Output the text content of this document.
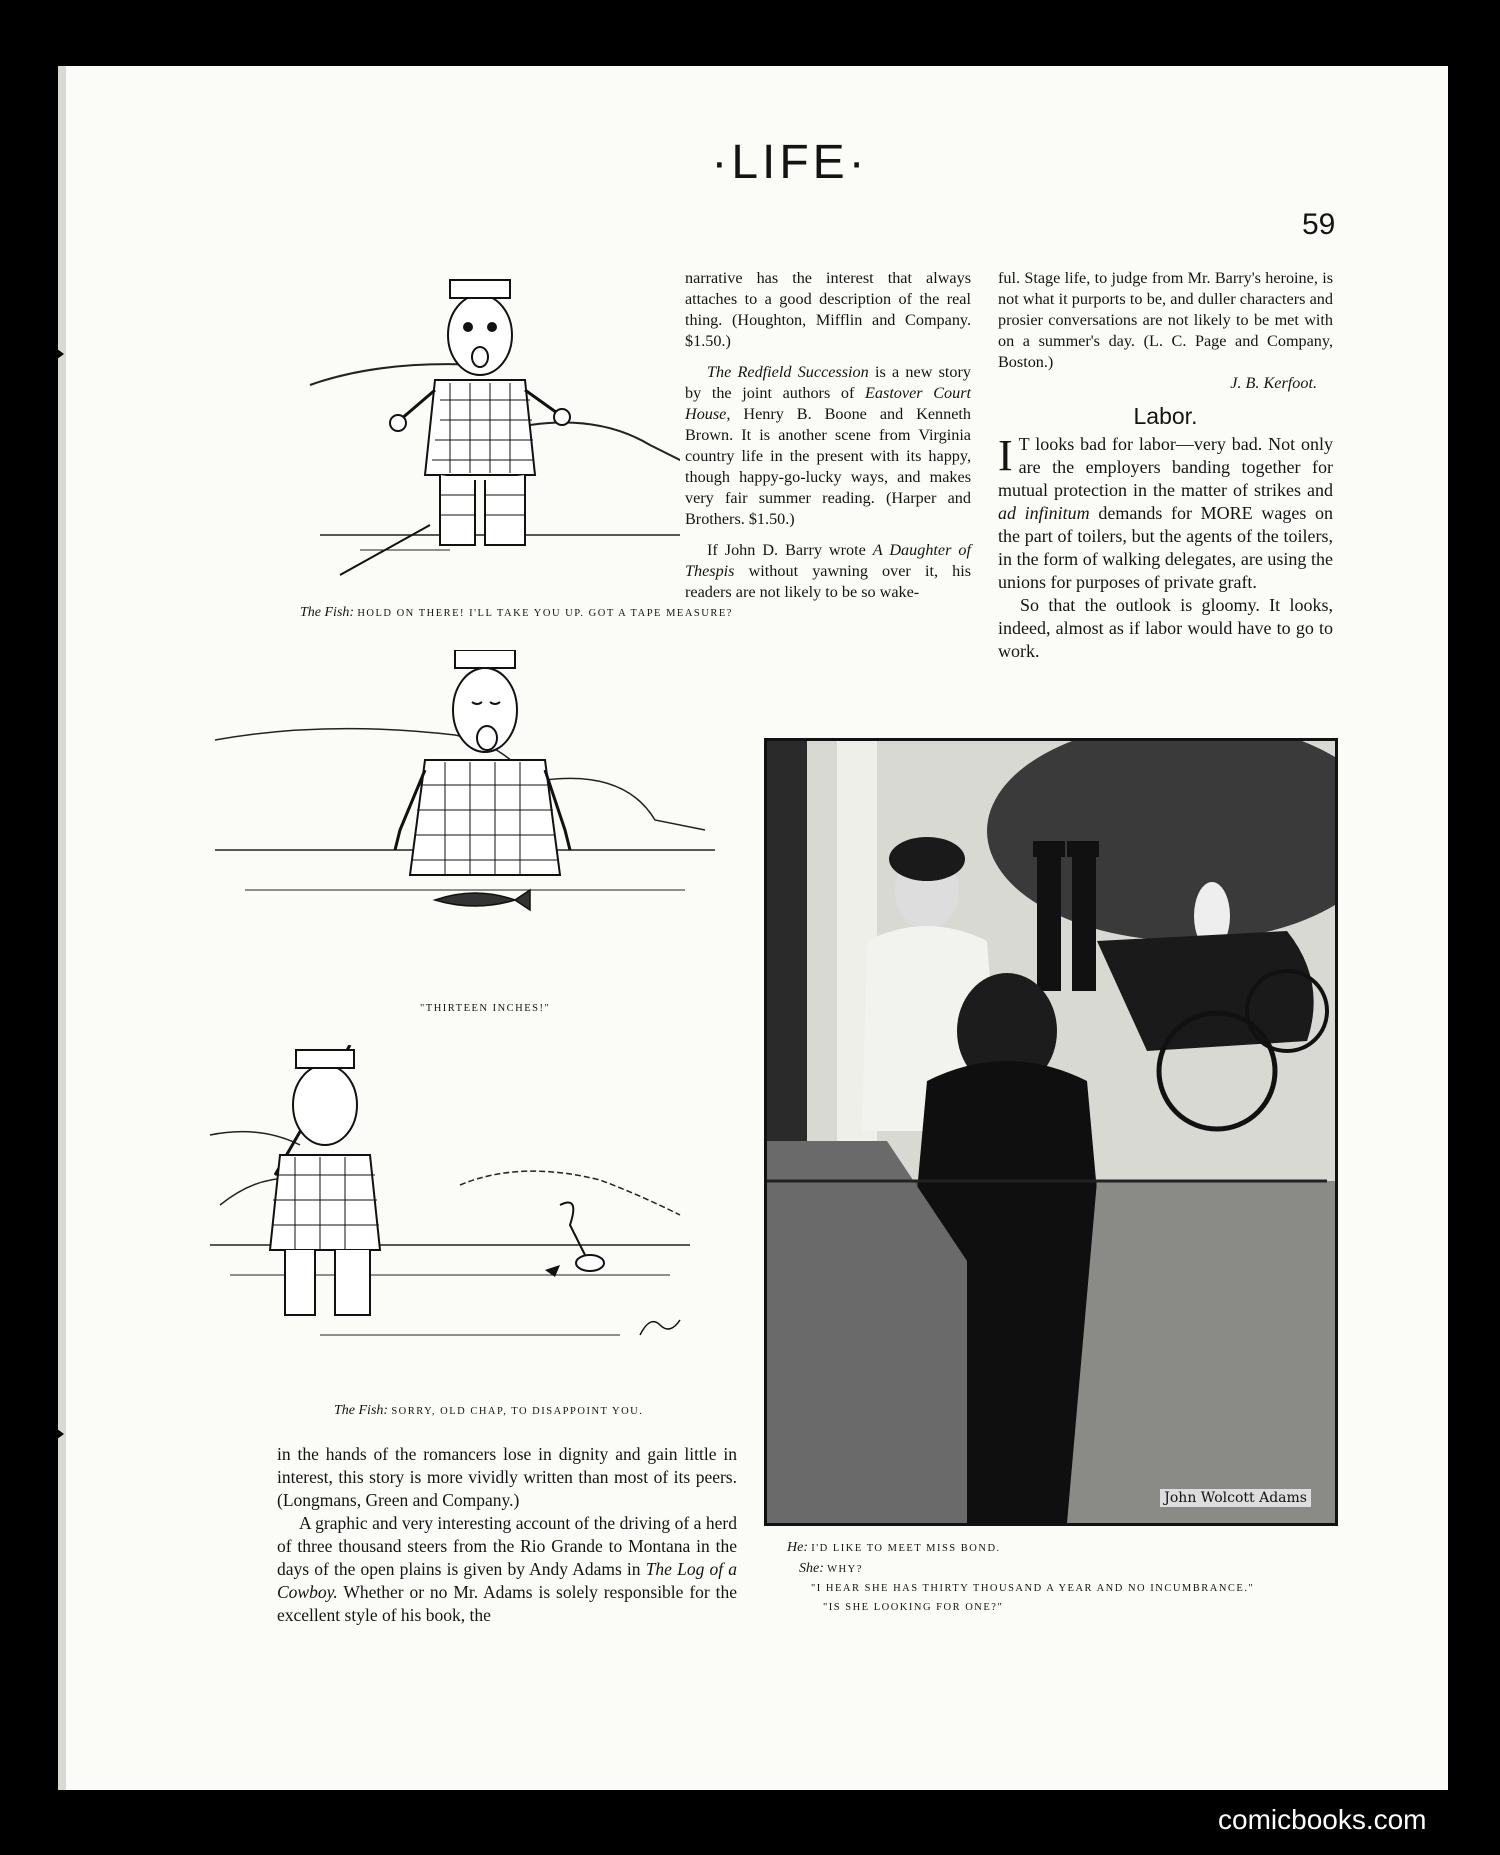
·LIFE·
59
The Fish: HOLD ON THERE! I'LL TAKE YOU UP. GOT A TAPE MEASURE?
"THIRTEEN INCHES!"
The Fish: SORRY, OLD CHAP, TO DISAPPOINT YOU.

narrative has the interest that always attaches to a good description of the real thing. (Houghton, Mifflin and Company. $1.50.)

The Redfield Succession is a new story by the joint authors of Eastover Court House, Henry B. Boone and Kenneth Brown. It is another scene from Virginia country life in the present with its happy, though happy-go-lucky ways, and makes very fair summer reading. (Harper and Brothers. $1.50.)

If John D. Barry wrote A Daughter of Thespis without yawning over it, his readers are not likely to be so wake-

ful. Stage life, to judge from Mr. Barry's heroine, is not what it purports to be, and duller characters and prosier conversations are not likely to be met with on a summer's day. (L. C. Page and Company, Boston.)

J. B. Kerfoot.

Labor.

I T looks bad for labor—very bad. Not only are the employers banding together for mutual protection in the matter of strikes and ad infinitum demands for MORE wages on the part of toilers, but the agents of the toilers, in the form of walking delegates, are using the unions for purposes of private graft.

So that the outlook is gloomy. It looks, indeed, almost as if labor would have to go to work.

in the hands of the romancers lose in dignity and gain little in interest, this story is more vividly written than most of its peers. (Longmans, Green and Company.)

A graphic and very interesting account of the driving of a herd of three thousand steers from the Rio Grande to Montana in the days of the open plains is given by Andy Adams in The Log of a Cowboy. Whether or no Mr. Adams is solely responsible for the excellent style of his book, the

John Wolcott Adams
He: I'D LIKE TO MEET MISS BOND.
She: WHY?
"I HEAR SHE HAS THIRTY THOUSAND A YEAR AND NO INCUMBRANCE."
"IS SHE LOOKING FOR ONE?"
comicbooks.com
